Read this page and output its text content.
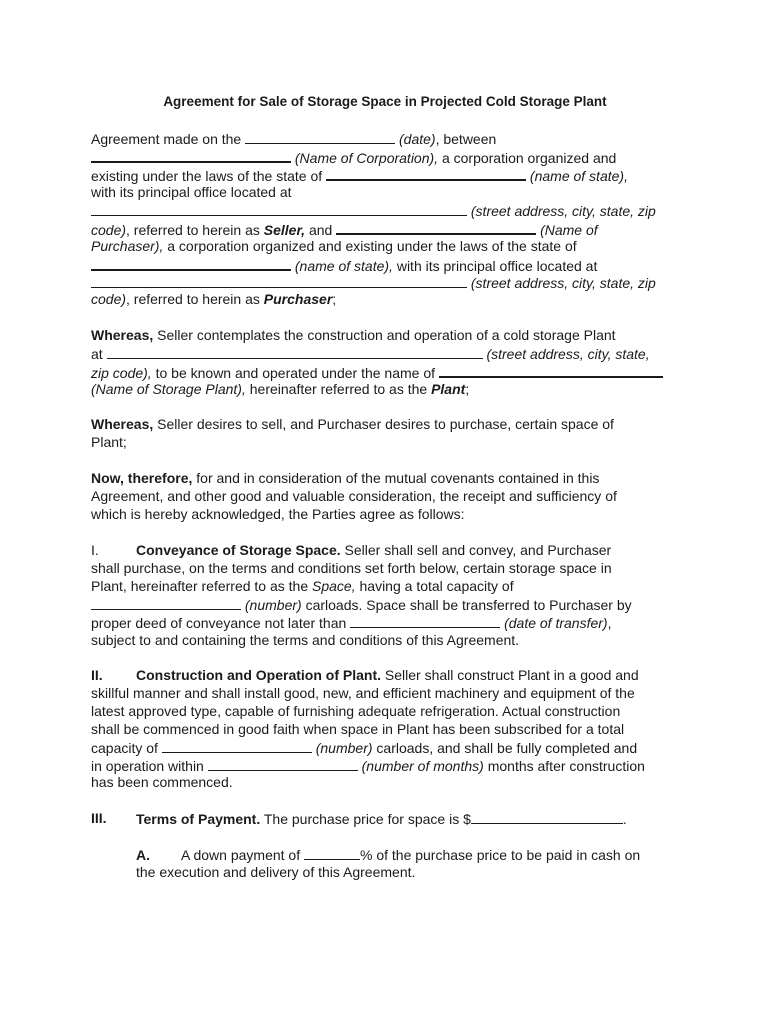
Agreement for Sale of Storage Space in Projected Cold Storage Plant
Agreement made on the	(date), between
(Name of Corporation), a corporation organized and
existing under the laws of the state of	(name of state),
with its principal office located at
(street address, city, state, zip
code), referred to herein as Seller, and	(Name of
Purchaser), a corporation organized and existing under the laws of the state of
(name of state), with its principal office located at
(street address, city, state, zip
code), referred to herein as Purchaser;
Whereas, Seller contemplates the construction and operation of a cold storage Plant
at	(street address, city, state,
zip code), to be known and operated under the name of
(Name of Storage Plant), hereinafter referred to as the Plant;
Whereas, Seller desires to sell, and Purchaser desires to purchase, certain space of
Plant;
Now, therefore, for and in consideration of the mutual covenants contained in this
Agreement, and other good and valuable consideration, the receipt and sufficiency of
which is hereby acknowledged, the Parties agree as follows:
I.	Conveyance of Storage Space. Seller shall sell and convey, and Purchaser
shall purchase, on the terms and conditions set forth below, certain storage space in
Plant, hereinafter referred to as the Space, having a total capacity of
(number) carloads. Space shall be transferred to Purchaser by
proper deed of conveyance not later than	(date of transfer),
subject to and containing the terms and conditions of this Agreement.
II. Construction and Operation of Plant. Seller shall construct Plant in a good and
skillful manner and shall install good, new, and efficient machinery and equipment of the
latest approved type, capable of furnishing adequate refrigeration. Actual construction
shall be commenced in good faith when space in Plant has been subscribed for a total
capacity of	(number) carloads, and shall be fully completed and
in operation within	(number of months) months after construction
has been commenced.
III. Terms of Payment. The purchase price for space is $	.
A. A down payment of	% of the purchase price to be paid in cash on
the execution and delivery of this Agreement.
